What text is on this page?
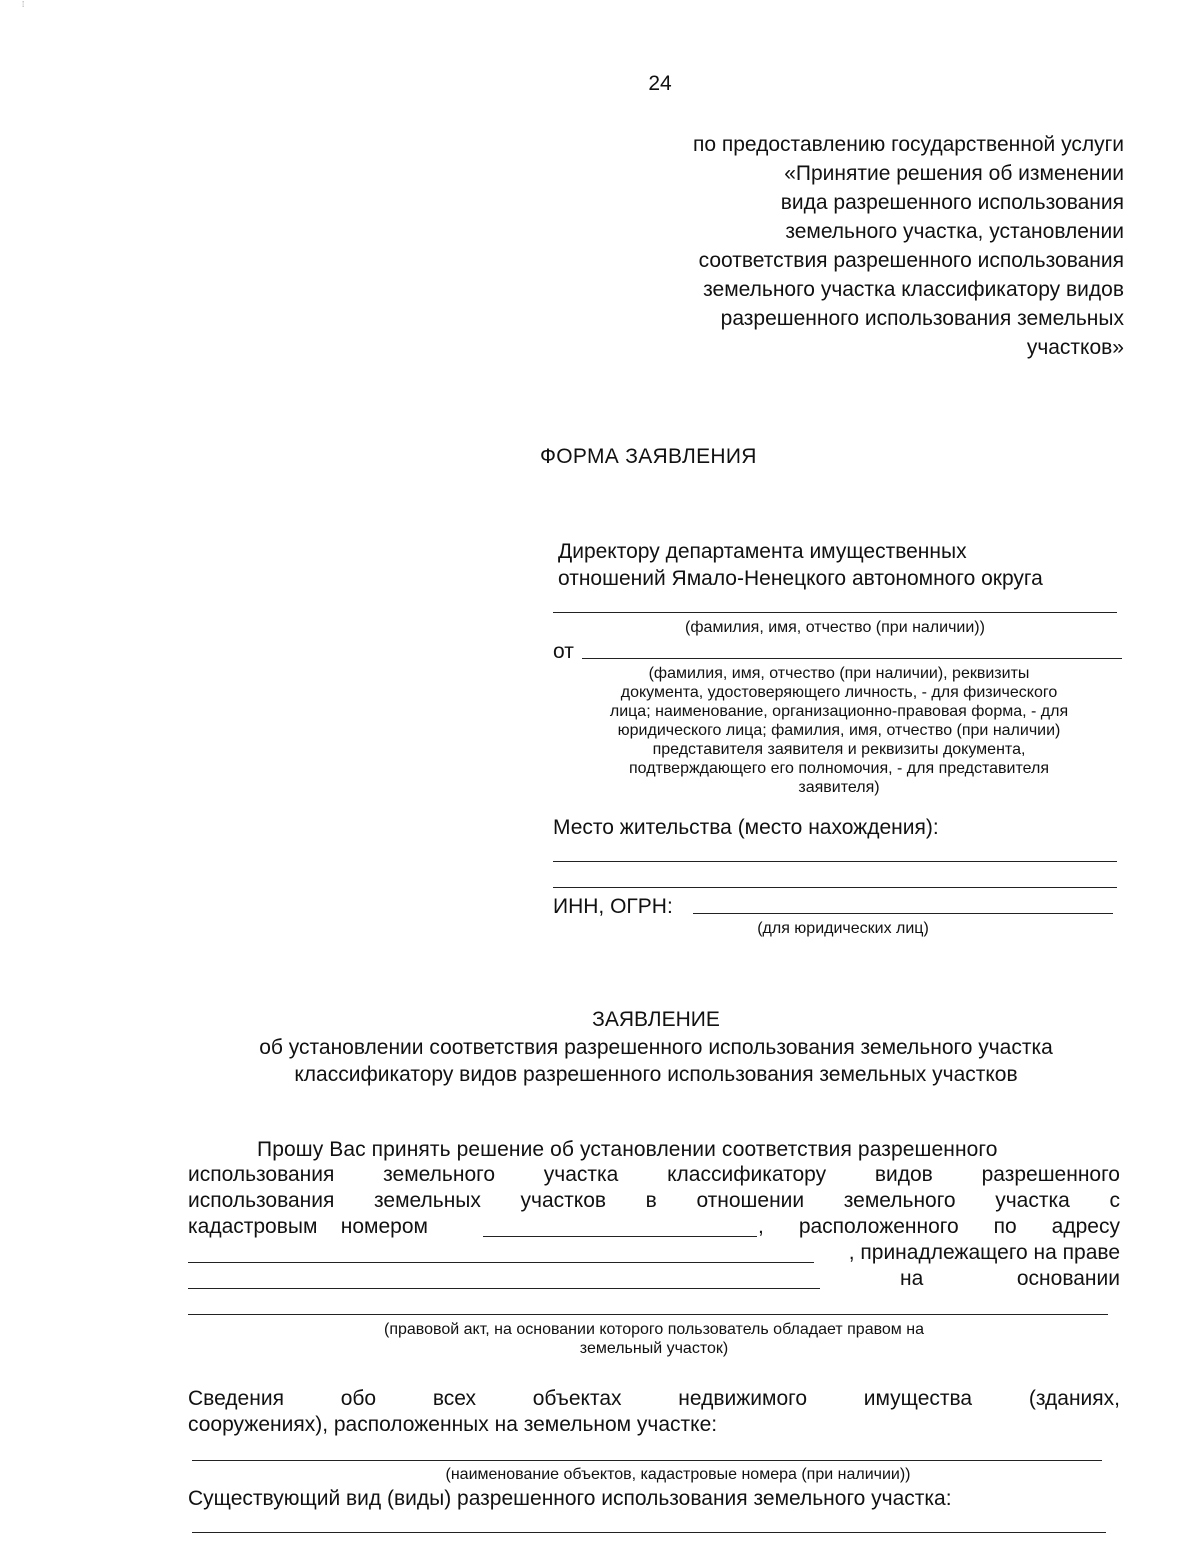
⁞
24
по предоставлению государственной услуги
«Принятие решения об изменении
вида разрешенного использования
земельного участка, установлении
соответствия разрешенного использования
земельного участка классификатору видов
разрешенного использования земельных
участков»
ФОРМА ЗАЯВЛЕНИЯ
Директору департамента имущественных
отношений Ямало-Ненецкого автономного округа
(фамилия, имя, отчество (при наличии))
от
(фамилия, имя, отчество (при наличии), реквизиты
документа, удостоверяющего личность, - для физического
лица; наименование, организационно-правовая форма, - для
юридического лица; фамилия, имя, отчество (при наличии)
представителя заявителя и реквизиты документа,
подтверждающего его полномочия, - для представителя
заявителя)
Место жительства (место нахождения):
ИНН, ОГРН:
(для юридических лиц)
ЗАЯВЛЕНИЕ
об установлении соответствия разрешенного использования земельного участка
классификатору видов разрешенного использования земельных участков
Прошу Вас принять решение об установлении соответствия разрешенного
использования земельного участка классификатору видов разрешенного
использования земельных участков в отношении земельного участка с
кадастровым номером	, расположенного по адресу
, принадлежащего на праве
на	основании
(правовой акт, на основании которого пользователь обладает правом на
земельный участок)
Сведения	обо	всех	объектах	недвижимого	имущества	(зданиях,
сооружениях), расположенных на земельном участке:
(наименование объектов, кадастровые номера (при наличии))
Существующий вид (виды) разрешенного использования земельного участка:
